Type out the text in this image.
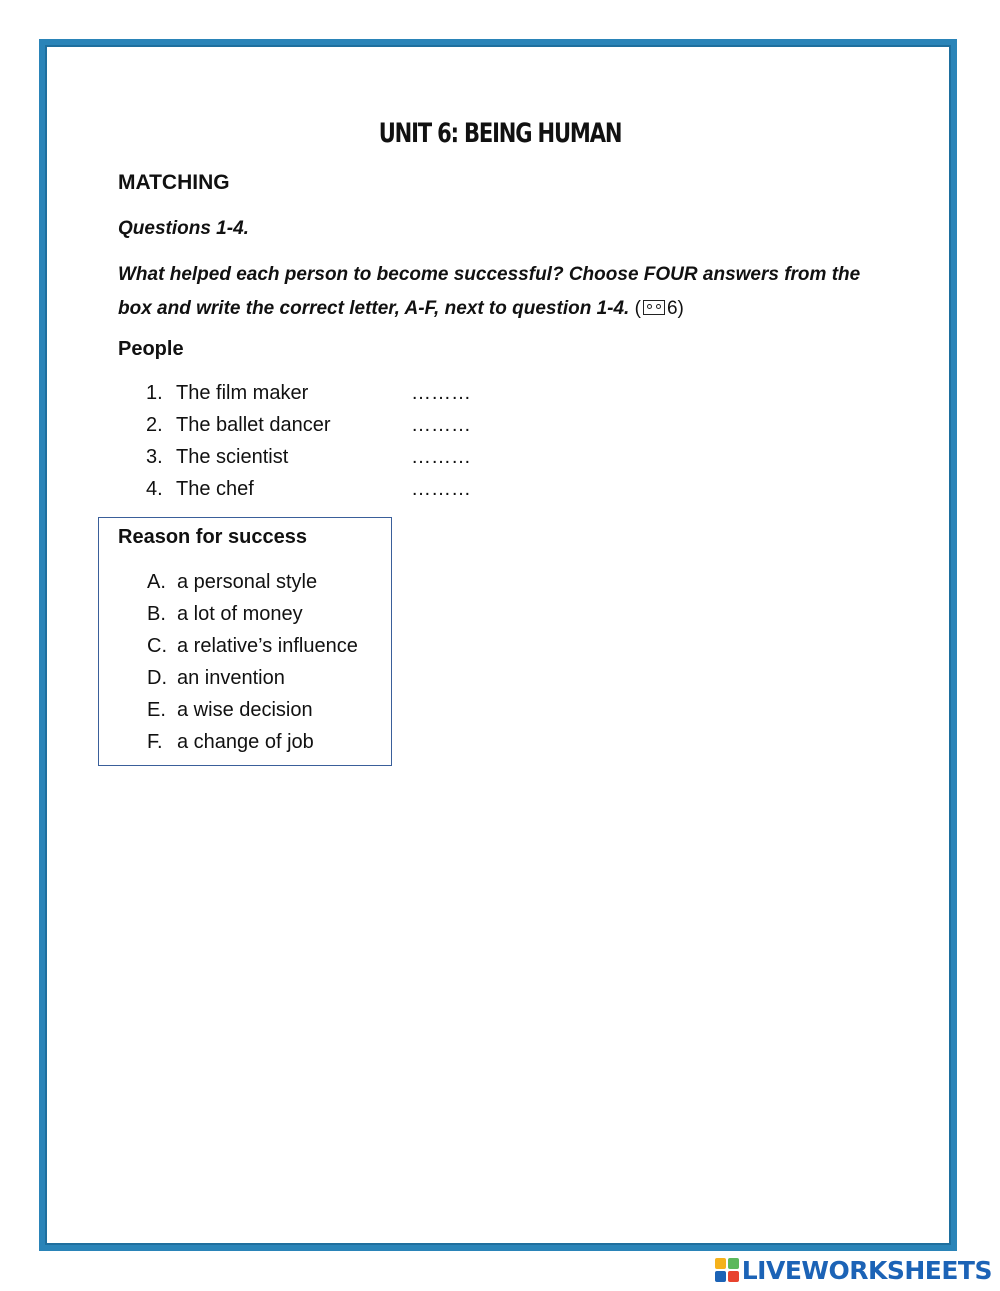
UNIT 6: BEING HUMAN
MATCHING
Questions 1-4.
What helped each person to become successful? Choose FOUR answers from the box and write the correct letter, A-F, next to question 1-4. ( 6)
People
1. The film maker	………
2. The ballet dancer	………
3. The scientist	………
4. The chef	………
Reason for success
A. a personal style
B. a lot of money
C. a relative’s influence
D. an invention
E. a wise decision
F. a change of job
LIVEWORKSHEETS
